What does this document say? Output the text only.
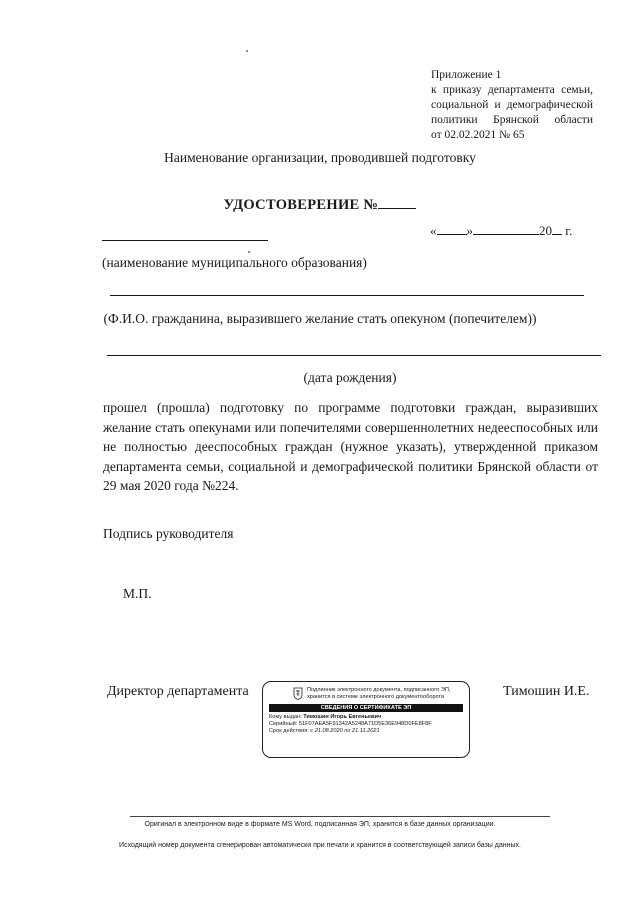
Приложение 1
к приказу департамента семьи,
социальной и демографической
политики Брянской области
от 02.02.2021 № 65
Наименование организации, проводившей подготовку
УДОСТОВЕРЕНИЕ №
« »	20 г.
(наименование муниципального образования)
(Ф.И.О. гражданина, выразившего желание стать опекуном (попечителем))
(дата рождения)
прошел (прошла) подготовку по программе подготовки граждан, выразивших желание стать опекунами или попечителями совершеннолетних недееспособных или не полностью дееспособных граждан (нужное указать), утвержденной приказом департамента семьи, социальной и демографической политики Брянской области от 29 мая 2020 года №224.
Подпись руководителя
М.П.
Директор департамента	Тимошин И.Е.
Подлинник электронного документа, подписанного ЭП,
хранится в системе электронного документооборота
СВЕДЕНИЯ О СЕРТИФИКАТЕ ЭП
Кому выдан: Тимошин Игорь Евгеньевич
Серийный: 51F07AEA5F91342A5248A71D5E36E948D0FE8F8F
Срок действия: с 21.08.2020 по 21.11.2021
Оригинал в электронном виде в формате MS Word, подписанная ЭП, хранится в базе данных организации.
Исходящий номер документа сгенерирован автоматически при печати и хранится в соответствующей записи базы данных.
